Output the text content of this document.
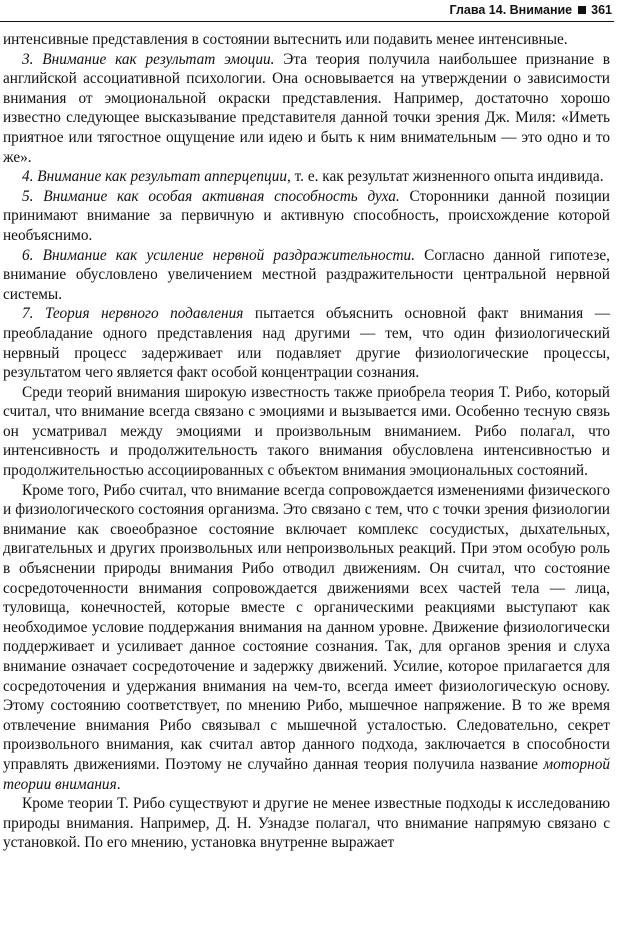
Глава 14. Внимание 361

интенсивные представления в состоянии вытеснить или подавить менее интенсивные.

3. Внимание как результат эмоции. Эта теория получила наибольшее признание в английской ассоциативной психологии. Она основывается на утверждении о зависимости внимания от эмоциональной окраски представления. Например, достаточно хорошо известно следующее высказывание представителя данной точки зрения Дж. Миля: «Иметь приятное или тягостное ощущение или идею и быть к ним внимательным — это одно и то же».

4. Внимание как результат апперцепции, т. е. как результат жизненного опыта индивида.

5. Внимание как особая активная способность духа. Сторонники данной позиции принимают внимание за первичную и активную способность, происхождение которой необъяснимо.

6. Внимание как усиление нервной раздражительности. Согласно данной гипотезе, внимание обусловлено увеличением местной раздражительности центральной нервной системы.

7. Теория нервного подавления пытается объяснить основной факт внимания — преобладание одного представления над другими — тем, что один физиологический нервный процесс задерживает или подавляет другие физиологические процессы, результатом чего является факт особой концентрации сознания.

Среди теорий внимания широкую известность также приобрела теория Т. Рибо, который считал, что внимание всегда связано с эмоциями и вызывается ими. Особенно тесную связь он усматривал между эмоциями и произвольным вниманием. Рибо полагал, что интенсивность и продолжительность такого внимания обусловлена интенсивностью и продолжительностью ассоциированных с объектом внимания эмоциональных состояний.

Кроме того, Рибо считал, что внимание всегда сопровождается изменениями физического и физиологического состояния организма. Это связано с тем, что с точки зрения физиологии внимание как своеобразное состояние включает комплекс сосудистых, дыхательных, двигательных и других произвольных или непроизвольных реакций. При этом особую роль в объяснении природы внимания Рибо отводил движениям. Он считал, что состояние сосредоточенности внимания сопровождается движениями всех частей тела — лица, туловища, конечностей, которые вместе с органическими реакциями выступают как необходимое условие поддержания внимания на данном уровне. Движение физиологически поддерживает и усиливает данное состояние сознания. Так, для органов зрения и слуха внимание означает сосредоточение и задержку движений. Усилие, которое прилагается для сосредоточения и удержания внимания на чем-то, всегда имеет физиологическую основу. Этому состоянию соответствует, по мнению Рибо, мышечное напряжение. В то же время отвлечение внимания Рибо связывал с мышечной усталостью. Следовательно, секрет произвольного внимания, как считал автор данного подхода, заключается в способности управлять движениями. Поэтому не случайно данная теория получила название моторной теории внимания.

Кроме теории Т. Рибо существуют и другие не менее известные подходы к исследованию природы внимания. Например, Д. Н. Узнадзе полагал, что внимание напрямую связано с установкой. По его мнению, установка внутренне выражает
